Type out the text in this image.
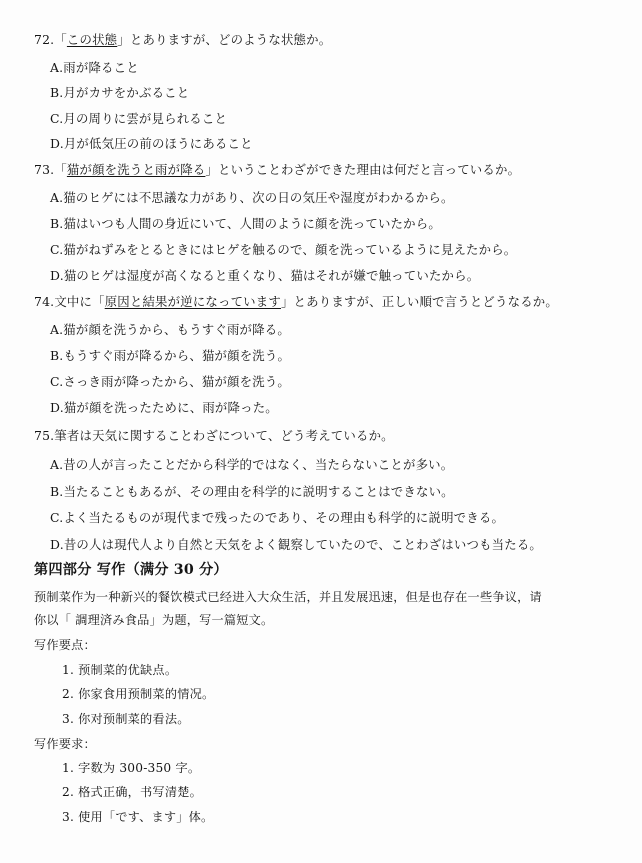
72.「この状態」とありますが、どのような状態か。
A.雨が降ること
B.月がカサをかぶること
C.月の周りに雲が見られること
D.月が低気圧の前のほうにあること
73.「猫が顔を洗うと雨が降る」ということわざができた理由は何だと言っているか。
A.猫のヒゲには不思議な力があり、次の日の気圧や湿度がわかるから。
B.猫はいつも人間の身近にいて、人間のように顔を洗っていたから。
C.猫がねずみをとるときにはヒゲを触るので、顔を洗っているように見えたから。
D.猫のヒゲは湿度が高くなると重くなり、猫はそれが嫌で触っていたから。
74.文中に「原因と結果が逆になっています」とありますが、正しい順で言うとどうなるか。
A.猫が顔を洗うから、もうすぐ雨が降る。
B.もうすぐ雨が降るから、猫が顔を洗う。
C.さっき雨が降ったから、猫が顔を洗う。
D.猫が顔を洗ったために、雨が降った。
75.筆者は天気に関することわざについて、どう考えているか。
A.昔の人が言ったことだから科学的ではなく、当たらないことが多い。
B.当たることもあるが、その理由を科学的に説明することはできない。
C.よく当たるものが現代まで残ったのであり、その理由も科学的に説明できる。
D.昔の人は現代人より自然と天気をよく観察していたので、ことわざはいつも当たる。
第四部分 写作（满分 30 分）
预制菜作为一种新兴的餐饮模式已经进入大众生活，并且发展迅速，但是也存在一些争议，请
你以「 調理済み食品」为题，写一篇短文。
写作要点：
1. 预制菜的优缺点。
2. 你家食用预制菜的情况。
3. 你对预制菜的看法。
写作要求：
1. 字数为 300-350 字。
2. 格式正确，书写清楚。
3. 使用「です、ます」体。
